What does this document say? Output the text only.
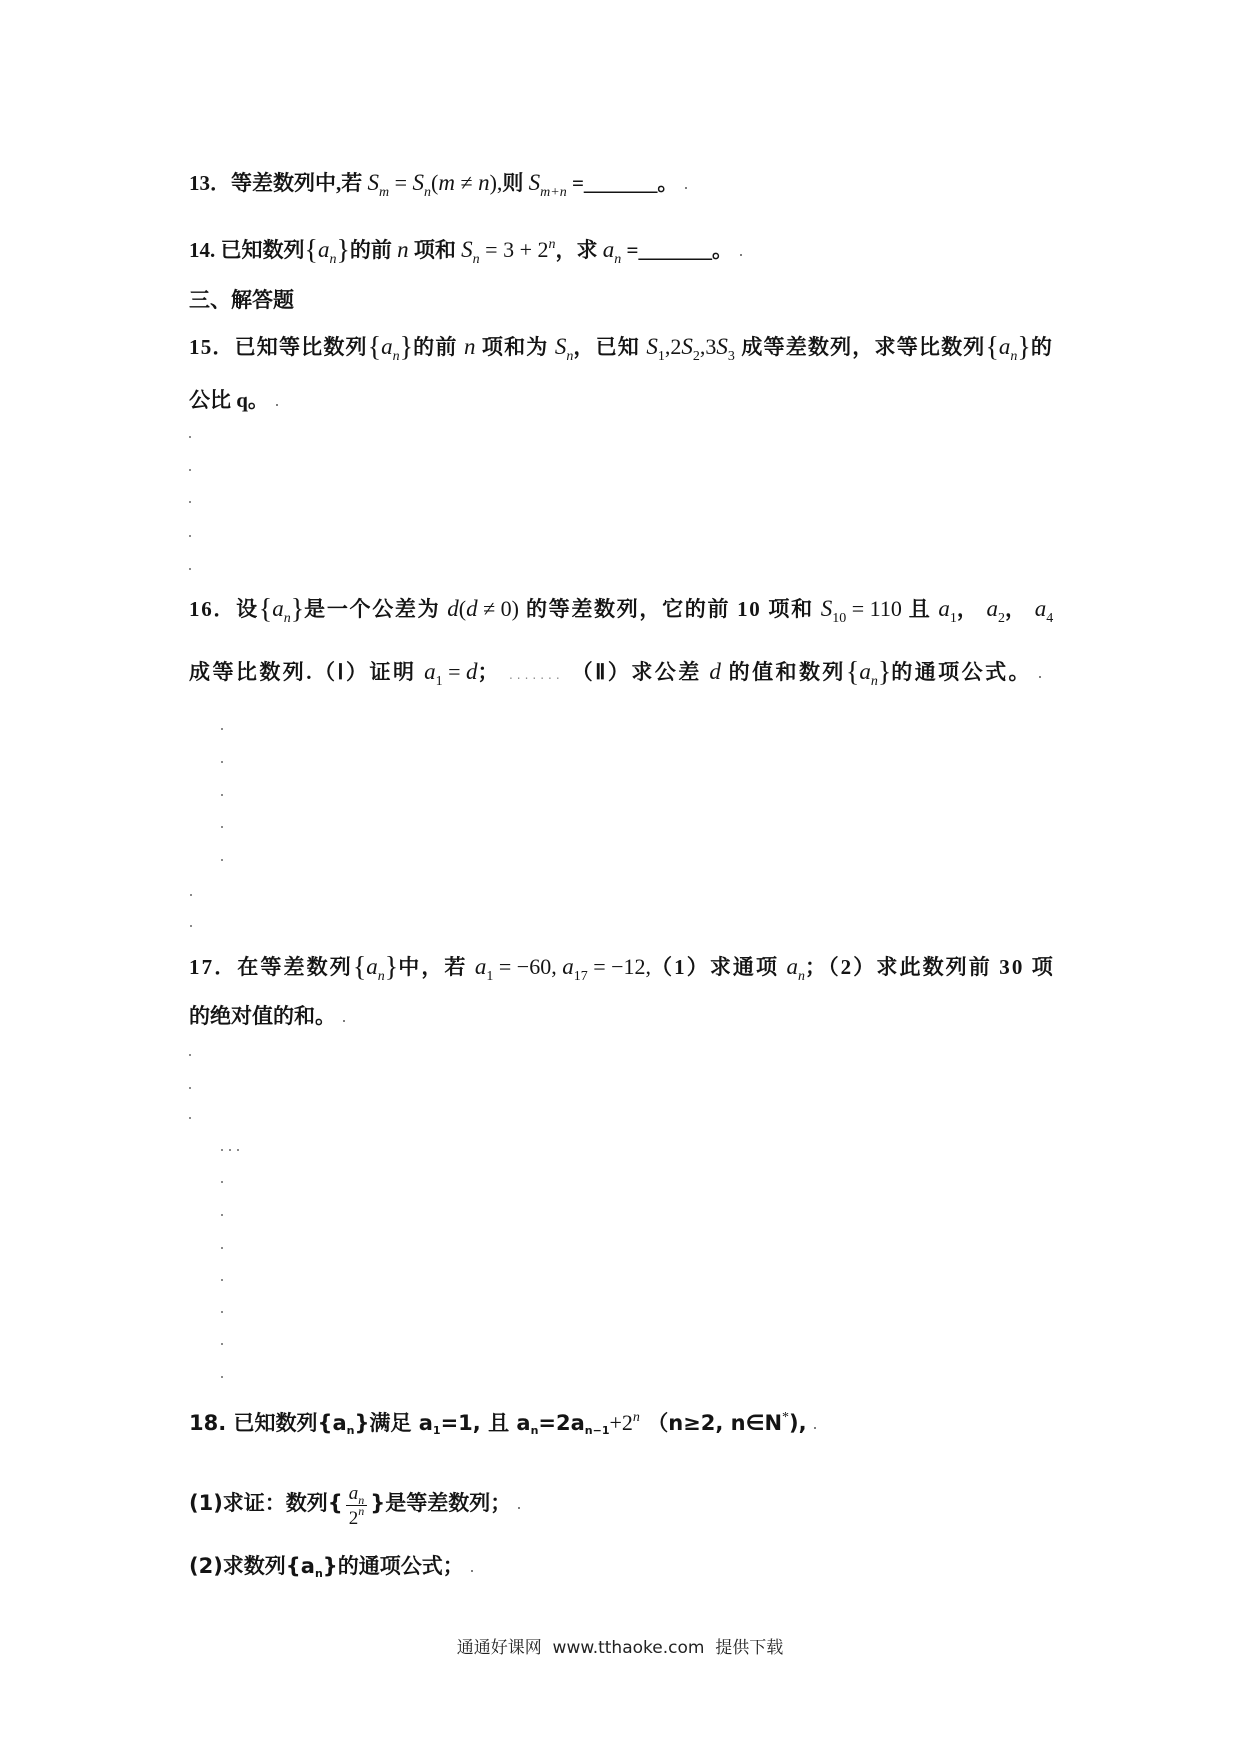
13．等差数列中,若 $S_m = S_n(m \ne n)$,则 $S_{m+n}$ =_______。
14. 已知数列$\{a_n\}$的前 n 项和 $S_n = 3 + 2^n$，求 $a_n$ =_______。
三、解答题
15．已知等比数列$\{a_n\}$的前 n 项和为 $S_n$，已知 $S_1,2S_2,3S_3$ 成等差数列，求等比数列$\{a_n\}$的
公比 q。
16．设$\{a_n\}$是一个公差为 d(d ≠ 0) 的等差数列，它的前 10 项和 $S_{10} = 110$ 且 $a_1$， $a_2$， $a_4$
成等比数列.（Ⅰ）证明 $a_1 = d$； ....... （Ⅱ）求公差 d 的值和数列$\{a_n\}$的通项公式。
17．在等差数列$\{a_n\}$中，若 $a_1 = -60$, $a_{17} = -12,(1)$求通项 $a_n$；（2）求此数列前 30 项
的绝对值的和。
18. 已知数列$\{a_n\}$满足 $a_1=1$, 且 $a_n=2a_{n-1}+2^n$ （n≥2, n∈N*),
(1)求证：数列{ $\frac{a_n}{2^n}$ }是等差数列；
(2)求数列$\{a_n\}$的通项公式；
通通好课网  www.tthaoke.com  提供下载
